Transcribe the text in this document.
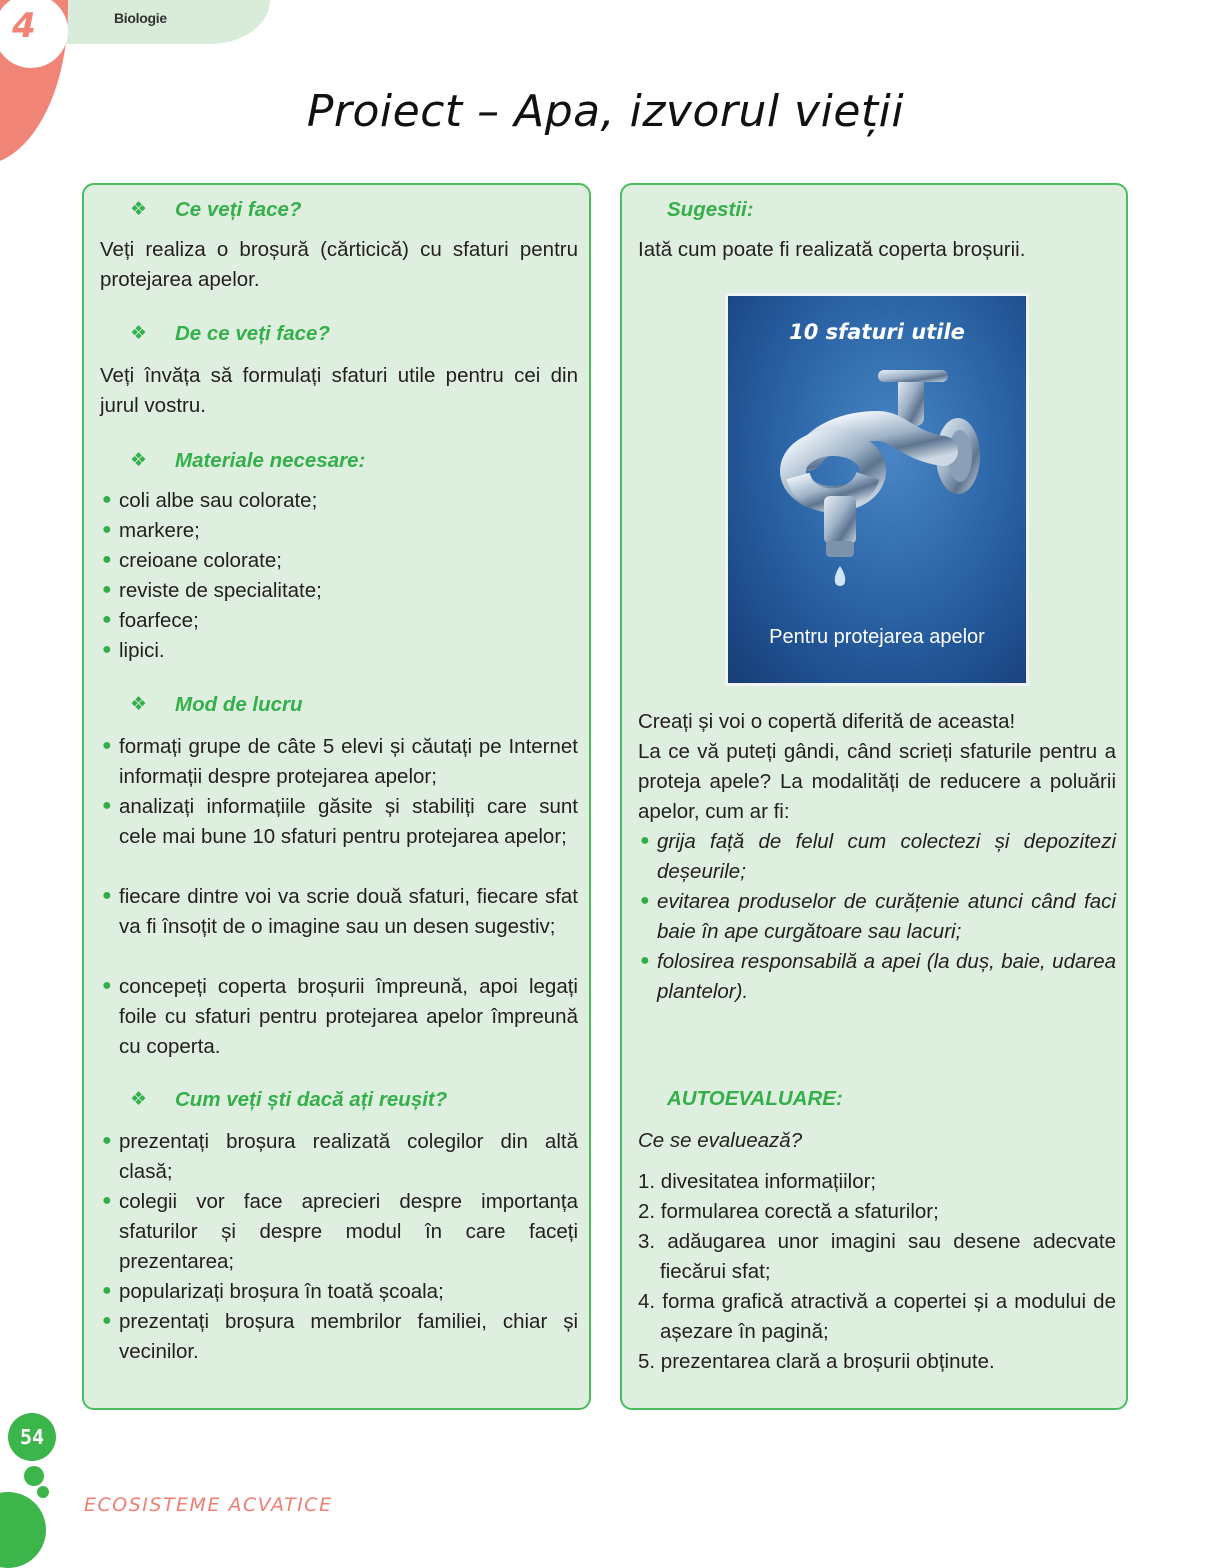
4	Biologie
Proiect – Apa, izvorul vieții
❖ Ce veți face?
Veți realiza o broșură (cărticică) cu sfaturi pentru protejarea apelor.
❖ De ce veți face?
Veți învăța să formulați sfaturi utile pentru cei din jurul vostru.
❖ Materiale necesare:
● coli albe sau colorate;
● markere;
● creioane colorate;
● reviste de specialitate;
● foarfece;
● lipici.
❖ Mod de lucru
● formați grupe de câte 5 elevi și căutați pe Internet informații despre protejarea apelor;
● analizați informațiile găsite și stabiliți care sunt cele mai bune 10 sfaturi pentru protejarea apelor;
● fiecare dintre voi va scrie două sfaturi, fiecare sfat va fi însoțit de o imagine sau un desen sugestiv;
● concepeți coperta broșurii împreună, apoi legați foile cu sfaturi pentru protejarea apelor împreună cu coperta.
❖ Cum veți ști dacă ați reușit?
● prezentați broșura realizată colegilor din altă clasă;
● colegii vor face aprecieri despre importanța sfaturilor și despre modul în care faceți prezentarea;
● popularizați broșura în toată școala;
● prezentați broșura membrilor familiei, chiar și vecinilor.
Sugestii:
Iată cum poate fi realizată coperta broșurii.
10 sfaturi utile
Pentru protejarea apelor
Creați și voi o copertă diferită de aceasta!
La ce vă puteți gândi, când scrieți sfaturile pentru a proteja apele? La modalități de reducere a poluării apelor, cum ar fi:
● grija față de felul cum colectezi și depozitezi deșeurile;
● evitarea produselor de curățenie atunci când faci baie în ape curgătoare sau lacuri;
● folosirea responsabilă a apei (la duș, baie, udarea plantelor).
AUTOEVALUARE:
Ce se evaluează?
1. divesitatea informațiilor;
2. formularea corectă a sfaturilor;
3. adăugarea unor imagini sau desene adecvate fiecărui sfat;
4. forma grafică atractivă a copertei și a modului de așezare în pagină;
5. prezentarea clară a broșurii obținute.
54
ECOSISTEME ACVATICE
